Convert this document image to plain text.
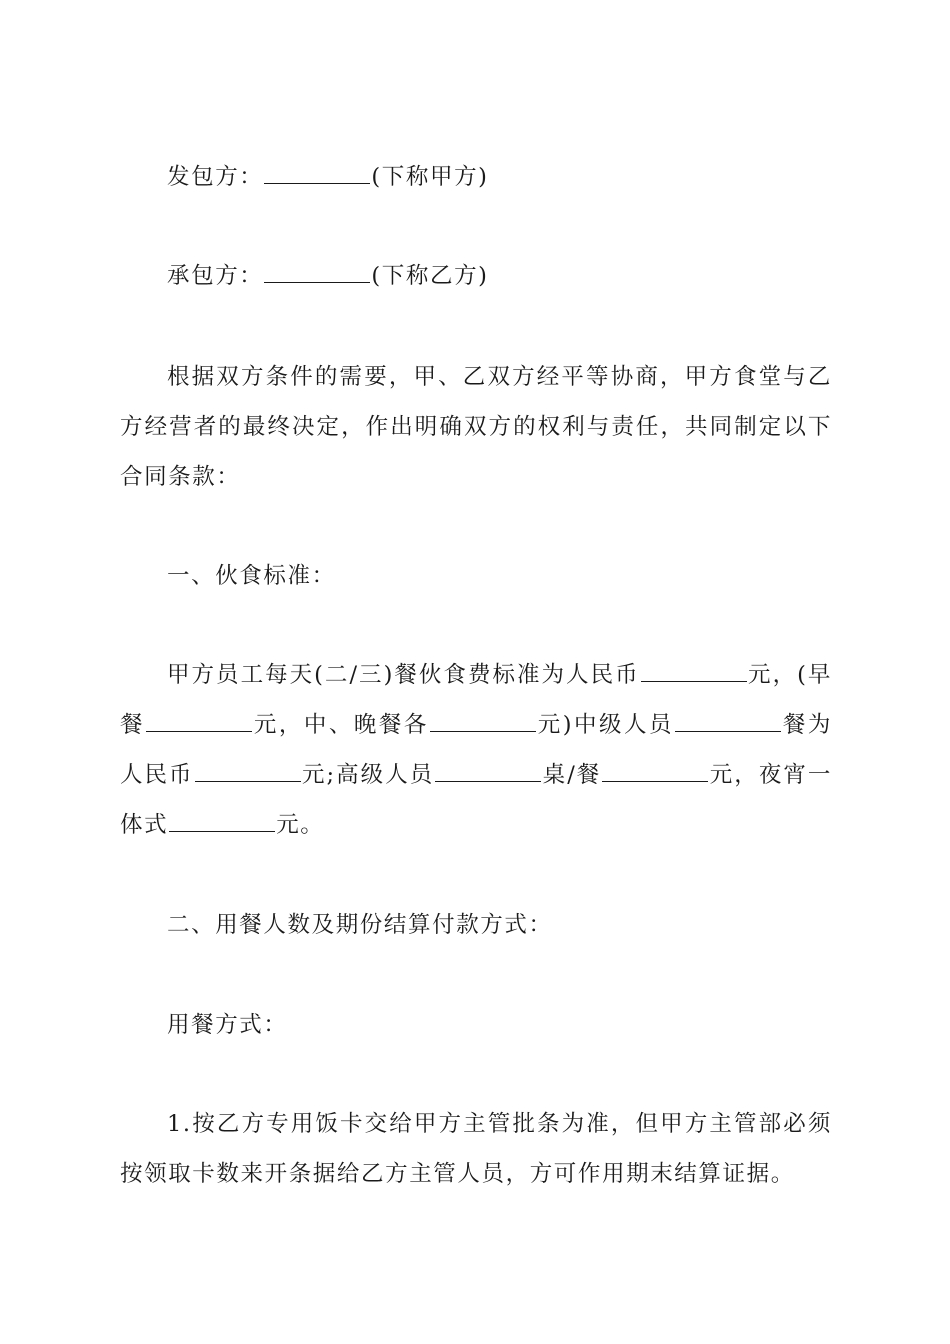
发包方：	(下称甲方)
承包方：	(下称乙方)
根据双方条件的需要，甲、乙双方经平等协商，甲方食堂与乙方经营者的最终决定，作出明确双方的权利与责任，共同制定以下合同条款：
一、伙食标准：
甲方员工每天(二/三)餐伙食费标准为人民币	元，(早餐	元，中、晚餐各	元)中级人员	餐为人民币	元;高级人员	桌/餐	元，夜宵一体式	元。
二、用餐人数及期份结算付款方式：
用餐方式：
1.按乙方专用饭卡交给甲方主管批条为准，但甲方主管部必须按领取卡数来开条据给乙方主管人员，方可作用期末结算证据。
